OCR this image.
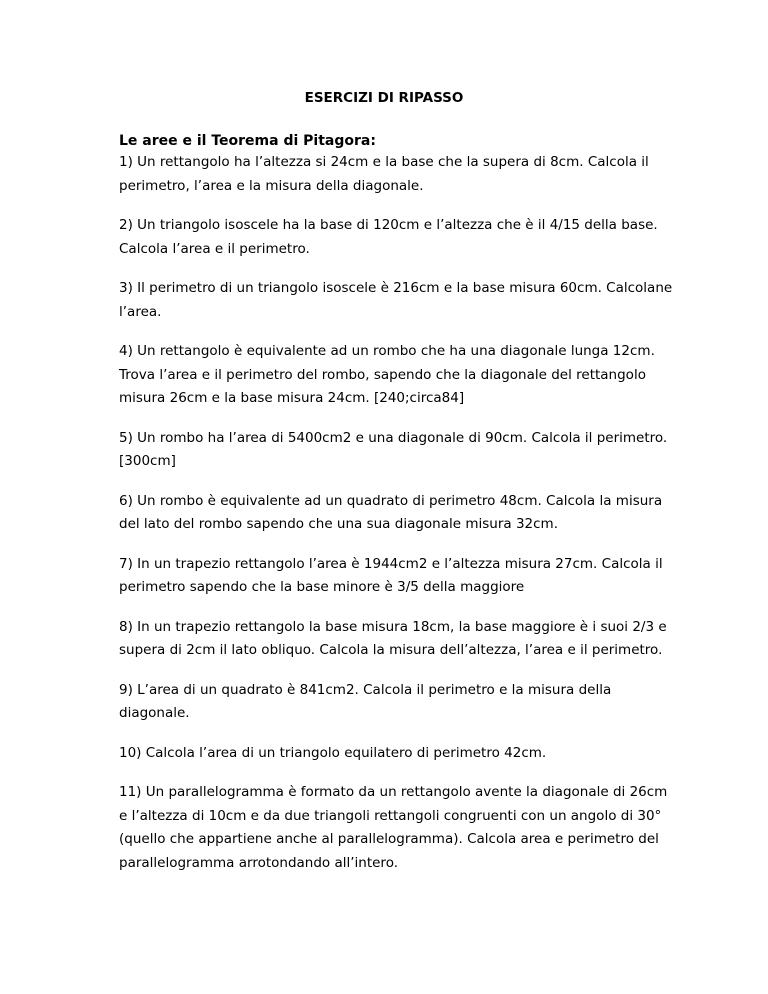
ESERCIZI DI RIPASSO
Le aree e il Teorema di Pitagora:
1) Un rettangolo ha l’altezza si 24cm e la base che la supera di 8cm. Calcola il perimetro, l’area e la misura della diagonale.
2) Un triangolo isoscele ha la base di 120cm e l’altezza che è il 4/15 della base. Calcola l’area e il perimetro.
3) Il perimetro di un triangolo isoscele è 216cm e la base misura 60cm. Calcolane l’area.
4) Un rettangolo è equivalente ad un rombo che ha una diagonale lunga 12cm. Trova l’area e il perimetro del rombo, sapendo che la diagonale del rettangolo misura 26cm e la base misura 24cm. [240;circa84]
5) Un rombo ha l’area di 5400cm2 e una diagonale di 90cm. Calcola il perimetro. [300cm]
6) Un rombo è equivalente ad un quadrato di perimetro 48cm. Calcola la misura del lato del rombo sapendo che una sua diagonale misura 32cm.
7) In un trapezio rettangolo l’area è 1944cm2 e l’altezza misura 27cm. Calcola il perimetro sapendo che la base minore è 3/5 della maggiore
8) In un trapezio rettangolo la base misura 18cm, la base maggiore è i suoi 2/3 e supera di 2cm il lato obliquo. Calcola la misura dell’altezza, l’area e il perimetro.
9) L’area di un quadrato è 841cm2. Calcola il perimetro e la misura della diagonale.
10) Calcola l’area di un triangolo equilatero di perimetro 42cm.
11) Un parallelogramma è formato da un rettangolo avente la diagonale di 26cm e l’altezza di 10cm e da due triangoli rettangoli congruenti con un angolo di 30° (quello che appartiene anche al parallelogramma). Calcola area e perimetro del parallelogramma arrotondando all’intero.
